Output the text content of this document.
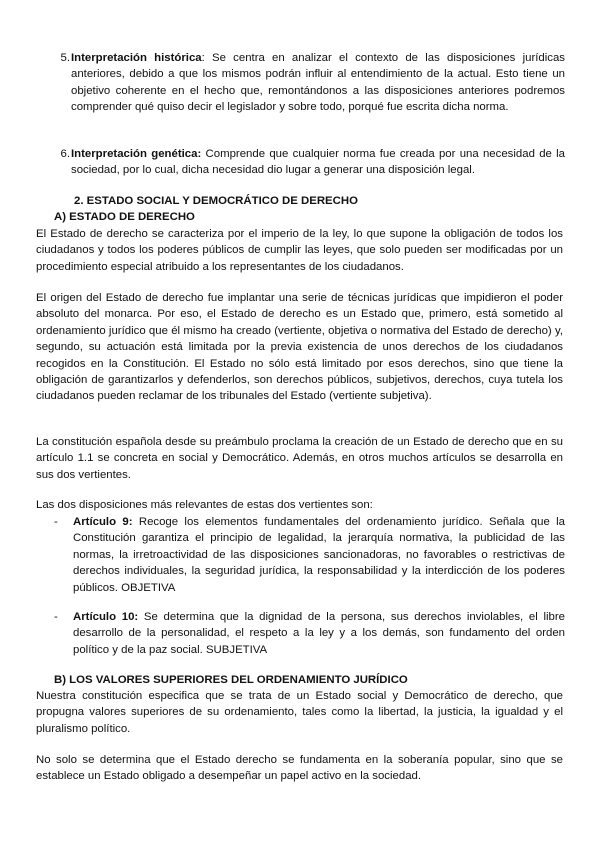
5. Interpretación histórica: Se centra en analizar el contexto de las disposiciones jurídicas anteriores, debido a que los mismos podrán influir al entendimiento de la actual. Esto tiene un objetivo coherente en el hecho que, remontándonos a las disposiciones anteriores podremos comprender qué quiso decir el legislador y sobre todo, porqué fue escrita dicha norma.

6. Interpretación genética: Comprende que cualquier norma fue creada por una necesidad de la sociedad, por lo cual, dicha necesidad dio lugar a generar una disposición legal.

2. ESTADO SOCIAL Y DEMOCRÁTICO DE DERECHO

A) ESTADO DE DERECHO

El Estado de derecho se caracteriza por el imperio de la ley, lo que supone la obligación de todos los ciudadanos y todos los poderes públicos de cumplir las leyes, que solo pueden ser modificadas por un procedimiento especial atribuido a los representantes de los ciudadanos.

El origen del Estado de derecho fue implantar una serie de técnicas jurídicas que impidieron el poder absoluto del monarca. Por eso, el Estado de derecho es un Estado que, primero, está sometido al ordenamiento jurídico que él mismo ha creado (vertiente, objetiva o normativa del Estado de derecho) y, segundo, su actuación está limitada por la previa existencia de unos derechos de los ciudadanos recogidos en la Constitución. El Estado no sólo está limitado por esos derechos, sino que tiene la obligación de garantizarlos y defenderlos, son derechos públicos, subjetivos, derechos, cuya tutela los ciudadanos pueden reclamar de los tribunales del Estado (vertiente subjetiva).

La constitución española desde su preámbulo proclama la creación de un Estado de derecho que en su artículo 1.1 se concreta en social y Democrático. Además, en otros muchos artículos se desarrolla en sus dos vertientes.

Las dos disposiciones más relevantes de estas dos vertientes son:

- Artículo 9: Recoge los elementos fundamentales del ordenamiento jurídico. Señala que la Constitución garantiza el principio de legalidad, la jerarquía normativa, la publicidad de las normas, la irretroactividad de las disposiciones sancionadoras, no favorables o restrictivas de derechos individuales, la seguridad jurídica, la responsabilidad y la interdicción de los poderes públicos. OBJETIVA

- Artículo 10: Se determina que la dignidad de la persona, sus derechos inviolables, el libre desarrollo de la personalidad, el respeto a la ley y a los demás, son fundamento del orden político y de la paz social. SUBJETIVA

B) LOS VALORES SUPERIORES DEL ORDENAMIENTO JURÍDICO

Nuestra constitución especifica que se trata de un Estado social y Democrático de derecho, que propugna valores superiores de su ordenamiento, tales como la libertad, la justicia, la igualdad y el pluralismo político.

No solo se determina que el Estado derecho se fundamenta en la soberanía popular, sino que se establece un Estado obligado a desempeñar un papel activo en la sociedad.
